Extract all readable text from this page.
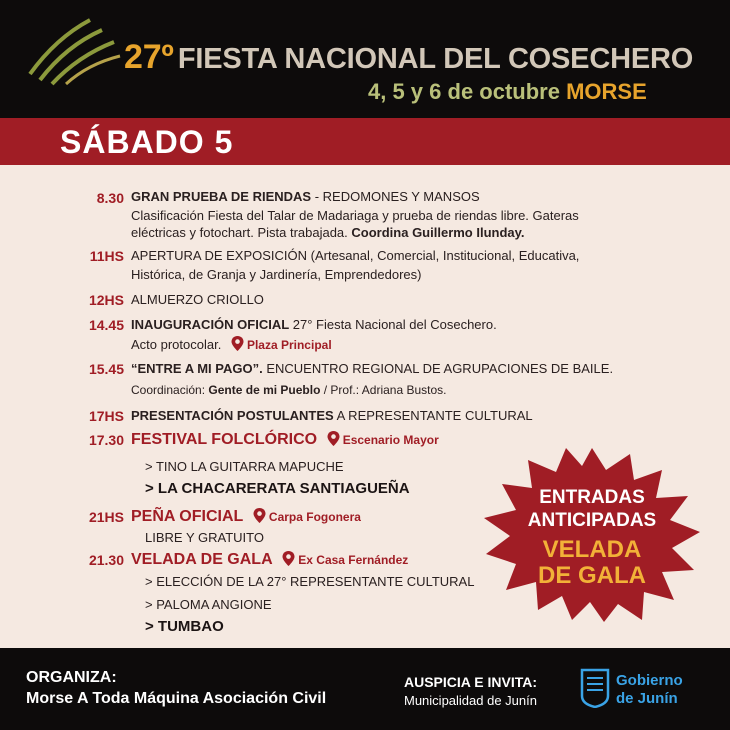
27º FIESTA NACIONAL DEL COSECHERO
4, 5 y 6 de octubre MORSE
SÁBADO 5
8.30 GRAN PRUEBA DE RIENDAS - REDOMONES Y MANSOS
Clasificación Fiesta del Talar de Madariaga y prueba de riendas libre. Gateras
eléctricas y fotochart. Pista trabajada. Coordina Guillermo Ilunday.
11HS APERTURA DE EXPOSICIÓN (Artesanal, Comercial, Institucional, Educativa,
Histórica, de Granja y Jardinería, Emprendedores)
12HS ALMUERZO CRIOLLO
14.45 INAUGURACIÓN OFICIAL 27° Fiesta Nacional del Cosechero.
Acto protocolar. Plaza Principal
15.45 “ENTRE A MI PAGO”. ENCUENTRO REGIONAL DE AGRUPACIONES DE BAILE.
Coordinación: Gente de mi Pueblo / Prof.: Adriana Bustos.
17HS PRESENTACIÓN POSTULANTES A REPRESENTANTE CULTURAL
17.30 FESTIVAL FOLCLÓRICO Escenario Mayor
> TINO LA GUITARRA MAPUCHE
> LA CHACARERATA SANTIAGUEÑA
21HS PEÑA OFICIAL Carpa Fogonera
LIBRE Y GRATUITO
21.30 VELADA DE GALA Ex Casa Fernández
> ELECCIÓN DE LA 27° REPRESENTANTE CULTURAL
> PALOMA ANGIONE
> TUMBAO
ENTRADAS
ANTICIPADAS
VELADA
DE GALA
ORGANIZA:
Morse A Toda Máquina Asociación Civil
AUSPICIA E INVITA:
Municipalidad de Junín
Gobierno
de Junín
